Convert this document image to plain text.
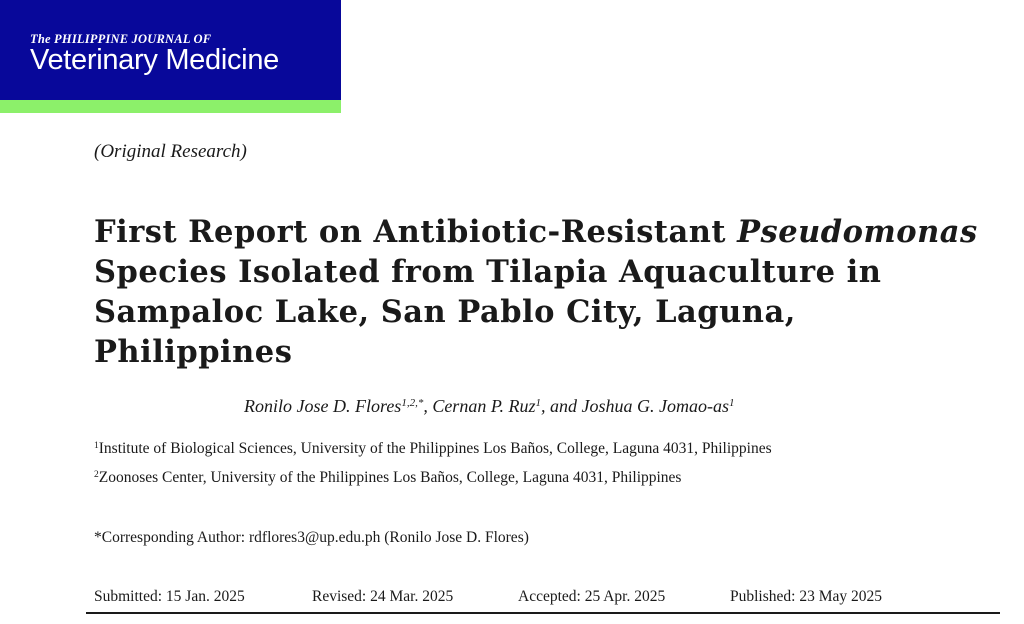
The PHILIPPINE JOURNAL OF
Veterinary Medicine
(Original Research)
First Report on Antibiotic-Resistant Pseudomonas
Species Isolated from Tilapia Aquaculture in
Sampaloc Lake, San Pablo City, Laguna,
Philippines
Ronilo Jose D. Flores$^{1,2,*}$, Cernan P. Ruz$^1$, and Joshua G. Jomao-$as^1$
$^1$Institute of Biological Sciences, University of the Philippines Los Baños, College, Laguna 4031, Philippines
$^2$Zoonoses Center, University of the Philippines Los Baños, College, Laguna 4031, Philippines
*Corresponding Author: rdflores3@up.edu.ph (Ronilo Jose D. Flores)
Submitted: 15 Jan. 2025	Revised: 24 Mar. 2025	Accepted: 25 Apr. 2025	Published: 23 May 2025
